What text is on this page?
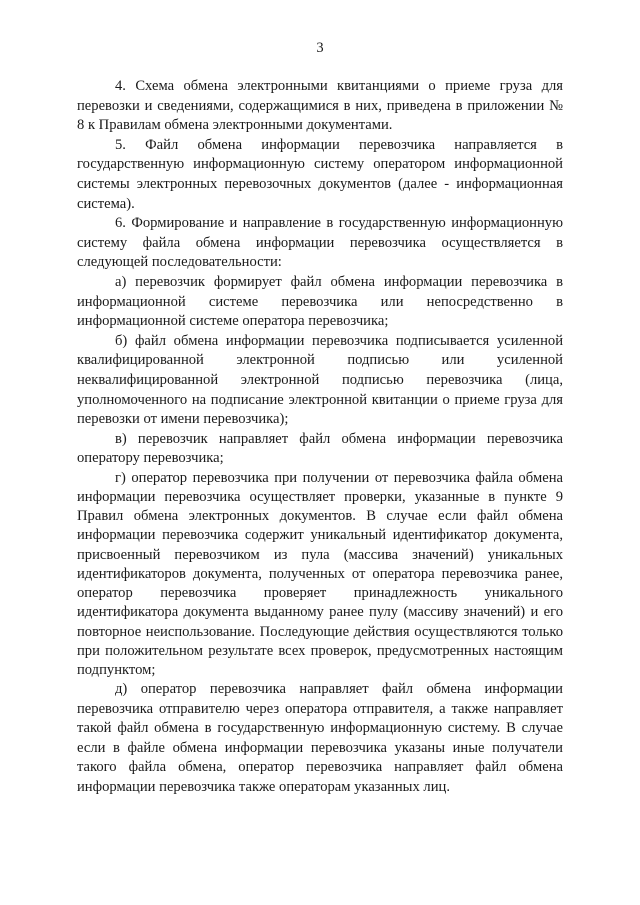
3

4. Схема обмена электронными квитанциями о приеме груза для перевозки и сведениями, содержащимися в них, приведена в приложении № 8 к Правилам обмена электронными документами.

5. Файл обмена информации перевозчика направляется в государственную информационную систему оператором информационной системы электронных перевозочных документов (далее - информационная система).

6. Формирование и направление в государственную информационную систему файла обмена информации перевозчика осуществляется в следующей последовательности:

а) перевозчик формирует файл обмена информации перевозчика в информационной системе перевозчика или непосредственно в информационной системе оператора перевозчика;

б) файл обмена информации перевозчика подписывается усиленной квалифицированной электронной подписью или усиленной неквалифицированной электронной подписью перевозчика (лица, уполномоченного на подписание электронной квитанции о приеме груза для перевозки от имени перевозчика);

в) перевозчик направляет файл обмена информации перевозчика оператору перевозчика;

г) оператор перевозчика при получении от перевозчика файла обмена информации перевозчика осуществляет проверки, указанные в пункте 9 Правил обмена электронных документов. В случае если файл обмена информации перевозчика содержит уникальный идентификатор документа, присвоенный перевозчиком из пула (массива значений) уникальных идентификаторов документа, полученных от оператора перевозчика ранее, оператор перевозчика проверяет принадлежность уникального идентификатора документа выданному ранее пулу (массиву значений) и его повторное неиспользование. Последующие действия осуществляются только при положительном результате всех проверок, предусмотренных настоящим подпунктом;

д) оператор перевозчика направляет файл обмена информации перевозчика отправителю через оператора отправителя, а также направляет такой файл обмена в государственную информационную систему. В случае если в файле обмена информации перевозчика указаны иные получатели такого файла обмена, оператор перевозчика направляет файл обмена информации перевозчика также операторам указанных лиц.
